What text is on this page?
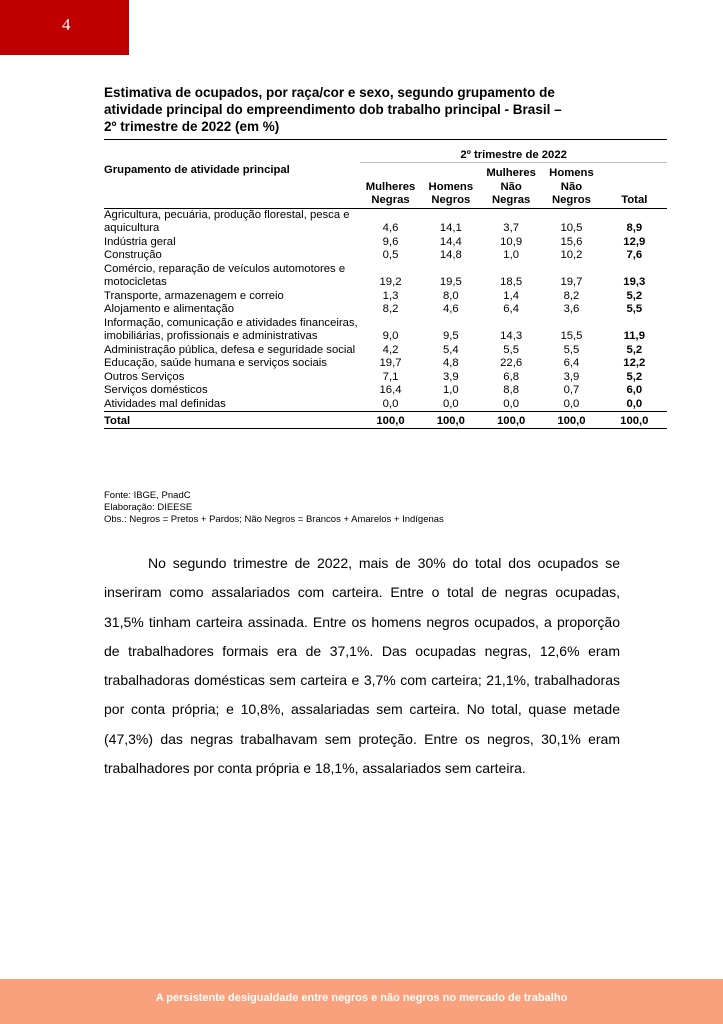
4
Estimativa de ocupados, por raça/cor e sexo, segundo grupamento de atividade principal do empreendimento dob trabalho principal - Brasil –2º trimestre de 2022 (em %)
	2º trimestre de 2022				
Grupamento de atividade principal	Mulheres Negras	Homens Negros	Mulheres Não Negras	Homens Não Negros	Total
Agricultura, pecuária, produção florestal, pesca e aquicultura	4,6	14,1	3,7	10,5	8,9
Indústria geral	9,6	14,4	10,9	15,6	12,9
Construção	0,5	14,8	1,0	10,2	7,6
Comércio, reparação de veículos automotores e motocicletas	19,2	19,5	18,5	19,7	19,3
Transporte, armazenagem e correio	1,3	8,0	1,4	8,2	5,2
Alojamento e alimentação	8,2	4,6	6,4	3,6	5,5
Informação, comunicação e atividades financeiras, imobiliárias, profissionais e administrativas	9,0	9,5	14,3	15,5	11,9
Administração pública, defesa e seguridade social	4,2	5,4	5,5	5,5	5,2
Educação, saúde humana e serviços sociais	19,7	4,8	22,6	6,4	12,2
Outros Serviços	7,1	3,9	6,8	3,9	5,2
Serviços domésticos	16,4	1,0	8,8	0,7	6,0
Atividades mal definidas	0,0	0,0	0,0	0,0	0,0
Total	100,0	100,0	100,0	100,0	100,0
Fonte: IBGE, PnadC
Elaboração: DIEESE
Obs.: Negros = Pretos + Pardos; Não Negros = Brancos + Amarelos + Indígenas

No segundo trimestre de 2022, mais de 30% do total dos ocupados se inseriram como assalariados com carteira. Entre o total de negras ocupadas, 31,5% tinham carteira assinada. Entre os homens negros ocupados, a proporção de trabalhadores formais era de 37,1%. Das ocupadas negras, 12,6% eram trabalhadoras domésticas sem carteira e 3,7% com carteira; 21,1%, trabalhadoras por conta própria; e 10,8%, assalariadas sem carteira. No total, quase metade (47,3%) das negras trabalhavam sem proteção. Entre os negros, 30,1% eram trabalhadores por conta própria e 18,1%, assalariados sem carteira.

A persistente desigualdade entre negros e não negros no mercado de trabalho
